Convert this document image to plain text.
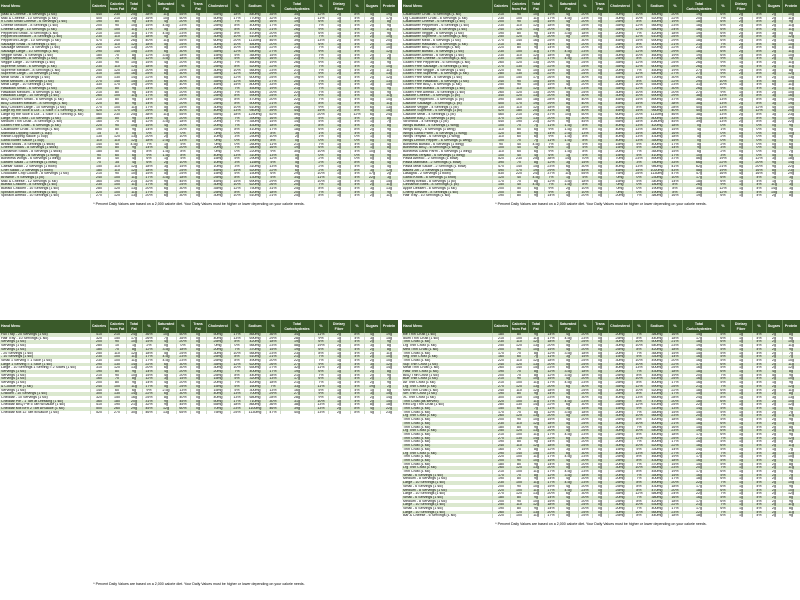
Hand Menu	Calories	Calories from Fat	Total Fat	%	Saturated Fat	%	Trans Fat	Cholesterol	%	Sodium	%	Total Carbohydrates	%	Dietary Fiber	%	Sugars	Protein
(Mac & Cheese - 8 Servings (1 slc)	440	230	25g	38%	11g	55%	0g	55mg	18%	840mg	35%	35g	12%	2g	8%	4g	19g
Mac & Cheese - 10 Servings (1 slc)	400	210	23g	35%	10g	50%	0g	50mg	17%	770mg	32%	32g	11%	1g	4%	3g	17g
n Crust Small Cheese - 6 Servings (1 slc)	190	80	9g	14%	4g	20%	0g	20mg	7%	380mg	16%	19g	6%	1g	4%	2g	8g
Cheese Medium - 8 Servings (1 slc)	200	90	10g	15%	4.5g	23%	0g	25mg	8%	400mg	17%	20g	7%	1g	4%	2g	9g
Cheese Large - 10 Servings (1 slc)	250	100	11g	17%	5g	25%	0g	25mg	8%	500mg	21%	26g	9%	1g	4%	3g	11g
Pepperoni Small - 6 Servings (1 slc)	210	100	11g	17%	4.5g	23%	0g	25mg	8%	470mg	20%	19g	6%	1g	4%	2g	9g
Pepperoni Medium - 8 Servings (1 slc)	230	110	12g	18%	5g	25%	0g	30mg	10%	510mg	21%	20g	7%	1g	4%	2g	10g
Pepperoni Large - 10 Servings (1 slc)	470	240	26g	40%	11g	55%	0g	60mg	20%	1110mg	46%	39g	13%	2g	8%	4g	20g
Sausage Small - 6 Servings (1 slc)	220	110	12g	18%	5g	25%	0g	30mg	10%	480mg	20%	19g	6%	1g	4%	2g	10g
Sausage Medium - 8 Servings (1 slc)	240	120	13g	20%	5g	25%	0g	30mg	10%	530mg	22%	21g	7%	1g	4%	2g	10g
Sausage Large - 10 Servings (1 slc)	290	140	15g	23%	6g	30%	0g	35mg	12%	640mg	27%	26g	9%	1g	4%	3g	12g
Veggie Small - 6 Servings (1 slc)	180	70	8g	12%	3.5g	18%	0g	15mg	5%	360mg	15%	20g	7%	1g	4%	2g	7g
Veggie Medium - 8 Servings (1 slc)	190	70	8g	12%	3.5g	18%	0g	15mg	5%	380mg	16%	21g	7%	1g	4%	2g	8g
Veggie Large - 10 Servings (1 slc)	230	90	10g	15%	4g	20%	0g	20mg	7%	460mg	19%	26g	9%	2g	8%	3g	9g
Supreme Small - 6 Servings (1 slc)	230	110	12g	18%	5g	25%	0g	25mg	8%	520mg	22%	20g	7%	1g	4%	2g	10g
Supreme Medium - 8 Servings (1 slc)	250	120	13g	20%	5g	25%	0g	30mg	10%	560mg	23%	21g	7%	1g	4%	2g	11g
Supreme Large - 10 Servings (1 slc)	310	150	16g	25%	6g	30%	0g	35mg	12%	690mg	29%	27g	9%	2g	8%	3g	13g
Meat Small - 6 Servings (1 slc)	250	130	14g	22%	6g	30%	0g	35mg	12%	600mg	25%	19g	6%	1g	4%	2g	12g
Meat Medium - 8 Servings (1 slc)	270	140	15g	23%	6g	30%	0g	35mg	12%	650mg	27%	20g	7%	1g	4%	2g	13g
Meat Large - 10 Servings (1 slc)	330	170	19g	29%	8g	40%	0g	45mg	15%	800mg	33%	26g	9%	1g	4%	3g	15g
Hawaiian Small - 6 Servings (1 slc)	200	80	9g	14%	4g	20%	0g	20mg	7%	450mg	19%	21g	7%	1g	4%	4g	9g
Hawaiian Medium - 8 Servings (1 slc)	210	80	9g	14%	4g	20%	0g	20mg	7%	480mg	20%	22g	7%	1g	4%	4g	9g
Hawaiian Large - 10 Servings (1 slc)	260	100	11g	17%	5g	25%	0g	25mg	8%	590mg	25%	27g	9%	1g	4%	5g	11g
BBQ Chicken Small - 6 Servings (1 slc)	210	80	9g	14%	4g	20%	0g	25mg	8%	470mg	20%	22g	7%	1g	4%	5g	10g
BBQ Chicken Medium - 8 Servings (1 slc)	220	80	9g	14%	4g	20%	0g	25mg	8%	500mg	21%	23g	8%	1g	4%	5g	11g
BBQ Chicken Large - 10 Servings (1 slc)	270	100	11g	17%	5g	25%	0g	30mg	10%	610mg	25%	28g	9%	1g	4%	6g	13g
Large by the Slice 8 Cut - 1 Slice = 1 Serving (1 slc)	420	170	19g	29%	8g	40%	0g	40mg	13%	940mg	39%	44g	15%	2g	8%	5g	18g
Large by the Slice 6 Cut - 1 Slice = 1 Serving (1 slc)	560	230	25g	38%	11g	55%	0g	55mg	18%	1250mg	52%	59g	20%	3g	12%	6g	24g
Large Thin Crust - 10 Servings (1 slc)	180	80	9g	14%	4g	20%	0g	20mg	7%	390mg	16%	16g	5%	1g	4%	2g	8g
Medium Thin Crust - 8 Servings (1 slc)	160	70	8g	12%	3.5g	18%	0g	20mg	7%	350mg	15%	14g	5%	1g	4%	1g	7g
Gluten Free Crust - 6 Servings (1 slc)	220	90	10g	15%	4g	20%	0g	20mg	7%	430mg	18%	25g	8%	1g	4%	2g	8g
Cauliflower Crust - 6 Servings (1 slc)	190	80	9g	14%	4g	20%	0g	25mg	8%	410mg	17%	18g	6%	2g	8%	2g	9g
Marinara Dipping Sauce (1 cup)	15	0	0g	0%	0g	0%	0g	0mg	0%	190mg	8%	3g	1%	1g	4%	2g	0g
Ranch Dipping Sauce (1 cup)	130	120	13g	20%	2g	10%	0g	10mg	3%	250mg	10%	2g	1%	0g	0%	1g	0g
Garlic Butter Sauce (1 cup)	110	110	12g	18%	2.5g	13%	0g	0mg	0%	190mg	8%	0g	0%	0g	0%	0g	0g
Bread Sticks - 8 Servings (1 stick)	140	40	4.5g	7%	1g	5%	0g	0mg	0%	260mg	11%	21g	7%	1g	4%	1g	4g
Cheese Sticks - 8 Servings (1 stick)	190	80	9g	14%	4g	20%	0g	20mg	7%	380mg	16%	19g	6%	1g	4%	1g	8g
Cinnamon Sticks - 8 Servings (1 stick)	180	50	5g	8%	1.5g	8%	0g	0mg	0%	220mg	9%	30g	10%	1g	4%	10g	4g
Chicken Wings - 6 Servings (1 wing)	90	60	6g	9%	1.5g	8%	0g	40mg	13%	310mg	13%	0g	0%	0g	0%	0g	9g
Boneless Wings - 6 Servings (1 wing)	80	40	4g	6%	1g	5%	0g	15mg	5%	290mg	12%	5g	2%	0g	0%	0g	6g
Garden Salad - 2 Servings (1 bowl)	70	35	4g	6%	2g	10%	0g	10mg	3%	115mg	5%	5g	2%	2g	8%	3g	4g
Caesar Salad - 2 Servings (1 bowl)	150	110	12g	18%	3g	15%	0g	10mg	3%	310mg	13%	6g	2%	1g	4%	1g	5g
Chef Salad - 2 Servings (1 bowl)	180	110	12g	18%	5g	25%	0g	45mg	15%	520mg	22%	6g	2%	2g	8%	3g	12g
Chocolate Chip Cookie - 8 Servings (1 slc)	210	90	10g	15%	5g	25%	0g	15mg	5%	150mg	6%	29g	10%	1g	4%	17g	2g
Brownie - 9 Servings (1 pc)	240	100	11g	17%	3.5g	18%	0g	25mg	8%	130mg	5%	34g	11%	1g	4%	22g	3g
Mac & Cheese - 12 Servings (1 slc)	360	190	21g	32%	9g	45%	0g	45mg	15%	690mg	29%	29g	10%	1g	4%	3g	15g
Buffalo Chicken - 8 Servings (1 slc)	230	100	11g	17%	5g	25%	0g	30mg	10%	620mg	26%	20g	7%	1g	4%	2g	11g
Buffalo Chicken - 10 Servings (1 slc)	280	120	13g	20%	6g	30%	0g	35mg	12%	750mg	31%	25g	8%	1g	4%	3g	13g
Spinach Alfredo - 8 Servings (1 slc)	220	100	11g	17%	5g	25%	0g	25mg	8%	420mg	18%	20g	7%	1g	4%	1g	9g
Spinach Alfredo - 10 Servings (1 slc)	270	120	13g	20%	6g	30%	0g	30mg	10%	510mg	21%	25g	8%	1g	4%	2g	11g
* Percent Daily Values are based on a 2,000 calorie diet. Your Daily Values must be higher or lower depending on your calorie needs.
Hand Menu	Calories	Calories from Fat	Total Fat	%	Saturated Fat	%	Trans Fat	Cholesterol	%	Sodium	%	Total Carbohydrates	%	Dietary Fiber	%	Sugars	Protein
Cauliflower Crust - 6 Servings (1 slc)	210	90	10g	15%	4g	20%	0g	30mg	10%	480mg	20%	19g	6%	2g	8%	2g	10g
Lrg Cauliflower Crust - 8 Servings (1 slc)	230	100	11g	17%	4.5g	23%	0g	30mg	10%	520mg	22%	20g	7%	2g	8%	2g	11g
Cauliflower Cheese - 6 Servings (1 slc)	200	90	10g	15%	4g	20%	0g	25mg	8%	450mg	19%	18g	6%	2g	8%	2g	9g
Cauliflower Pepperoni - 6 Servings (1 slc)	230	110	12g	18%	5g	25%	0g	35mg	12%	560mg	23%	18g	6%	2g	8%	2g	11g
Cauliflower Sausage - 6 Servings (1 slc)	240	120	13g	20%	5g	25%	0g	35mg	12%	580mg	24%	18g	6%	2g	8%	2g	11g
Cauliflower Veggie - 6 Servings (1 slc)	190	80	9g	14%	3.5g	18%	0g	20mg	7%	420mg	18%	19g	6%	2g	8%	3g	8g
Cauliflower Supreme - 6 Servings (1 slc)	250	120	13g	20%	5g	25%	0g	35mg	12%	610mg	25%	19g	6%	2g	8%	3g	12g
Cauliflower Meat - 6 Servings (1 slc)	270	140	16g	25%	6g	30%	0g	45mg	15%	690mg	29%	18g	6%	2g	8%	2g	13g
Cauliflower Hawaiian - 6 Servings (1 slc)	210	80	9g	14%	4g	20%	0g	25mg	8%	500mg	21%	21g	7%	2g	8%	5g	10g
Cauliflower BBQ - 6 Servings (1 slc)	220	80	9g	14%	4g	20%	0g	30mg	10%	520mg	22%	23g	8%	2g	8%	6g	11g
Cauliflower Buffalo - 6 Servings (1 slc)	230	100	11g	17%	4.5g	23%	0g	35mg	12%	690mg	29%	18g	6%	2g	8%	2g	11g
Cauliflower Alfredo - 6 Servings (1 slc)	230	110	12g	18%	5g	25%	0g	30mg	10%	460mg	19%	19g	6%	2g	8%	2g	10g
Gluten Free Cheese - 6 Servings (1 slc)	230	100	11g	17%	4.5g	23%	0g	25mg	8%	470mg	20%	26g	9%	1g	4%	2g	9g
Gluten Free Pepperoni - 6 Servings (1 slc)	260	120	13g	20%	5g	25%	0g	35mg	12%	590mg	25%	26g	9%	1g	4%	2g	11g
Gluten Free Sausage - 6 Servings (1 slc)	270	130	14g	22%	5g	25%	0g	35mg	12%	600mg	25%	26g	9%	1g	4%	2g	11g
Gluten Free Veggie - 6 Servings (1 slc)	220	90	10g	15%	4g	20%	0g	20mg	7%	450mg	19%	27g	9%	2g	8%	3g	8g
Gluten Free Supreme - 6 Servings (1 slc)	280	130	14g	22%	5g	25%	0g	35mg	12%	640mg	27%	27g	9%	2g	8%	3g	12g
Gluten Free Meat - 6 Servings (1 slc)	300	150	17g	26%	6g	30%	0g	45mg	15%	720mg	30%	26g	9%	1g	4%	2g	13g
Gluten Free Hawaiian - 6 Servings (1 slc)	240	90	10g	15%	4g	20%	0g	25mg	8%	530mg	22%	29g	10%	1g	4%	5g	10g
Gluten Free BBQ - 6 Servings (1 slc)	250	90	10g	15%	4g	20%	0g	30mg	10%	550mg	23%	31g	10%	1g	4%	6g	11g
Gluten Free Buffalo - 6 Servings (1 slc)	260	110	12g	18%	4.5g	23%	0g	35mg	12%	720mg	30%	26g	9%	1g	4%	2g	11g
Gluten Free Alfredo - 6 Servings (1 slc)	260	120	13g	20%	5g	25%	0g	30mg	10%	490mg	20%	27g	9%	1g	4%	2g	10g
Calzone Cheese - 4 Servings (1 pc)	340	120	13g	20%	6g	30%	0g	30mg	10%	690mg	29%	38g	13%	2g	8%	3g	16g
Calzone Pepperoni - 4 Servings (1 pc)	390	160	18g	28%	8g	40%	0g	45mg	15%	890mg	37%	38g	13%	2g	8%	3g	19g
Calzone Sausage - 4 Servings (1 pc)	400	170	19g	29%	8g	40%	0g	45mg	15%	910mg	38%	38g	13%	2g	8%	3g	19g
Calzone Veggie - 4 Servings (1 pc)	330	110	12g	18%	5g	25%	0g	25mg	8%	660mg	28%	40g	13%	3g	12%	4g	14g
Calzone Supreme - 4 Servings (1 pc)	420	180	20g	31%	8g	40%	0g	45mg	15%	950mg	40%	40g	13%	3g	12%	4g	20g
Calzone Meat - 4 Servings (1 pc)	460	210	24g	37%	10g	50%	0g	60mg	20%	1110mg	46%	38g	13%	2g	8%	3g	23g
Calzone BBQ - 4 Servings (1 pc)	370	120	13g	20%	6g	30%	0g	40mg	13%	800mg	33%	43g	14%	2g	8%	9g	19g
Stromboli - 4 Servings (1 pc)	440	190	21g	32%	9g	45%	0g	55mg	18%	1080mg	45%	39g	13%	2g	8%	3g	22g
Wings Buffalo - 6 Servings (1 wing)	100	70	7g	11%	1.5g	8%	0g	40mg	13%	420mg	18%	0g	0%	0g	0%	0g	9g
Wings BBQ - 6 Servings (1 wing)	110	60	6g	9%	1.5g	8%	0g	40mg	13%	360mg	15%	4g	1%	0g	0%	4g	9g
Wings Garlic Parm - 6 Servings (1 wing)	120	80	9g	14%	2.5g	13%	0g	45mg	15%	380mg	16%	1g	0%	0g	0%	0g	10g
Wings Teriyaki - 6 Servings (1 wing)	110	60	6g	9%	1.5g	8%	0g	40mg	13%	430mg	18%	5g	2%	0g	0%	5g	9g
Wings Lemon Pepper - 6 Servings (1 wing)	100	70	7g	11%	1.5g	8%	0g	40mg	13%	350mg	15%	0g	0%	0g	0%	0g	9g
Boneless Buffalo - 6 Servings (1 wing)	90	40	4.5g	7%	1g	5%	0g	15mg	5%	400mg	17%	5g	2%	0g	0%	0g	6g
Boneless BBQ - 6 Servings (1 wing)	100	40	4g	6%	1g	5%	0g	15mg	5%	340mg	14%	9g	3%	0g	0%	4g	6g
Boneless Garlic Parm - 6 Servings (1 wing)	110	60	6g	9%	1.5g	8%	0g	20mg	7%	360mg	15%	6g	2%	0g	0%	0g	7g
Boneless Teriyaki - 6 Servings (1 wing)	100	40	4g	6%	1g	5%	0g	15mg	5%	410mg	17%	10g	3%	0g	0%	5g	6g
Pasta Alfredo - 2 Servings (1 bowl)	520	230	25g	38%	14g	70%	0g	70mg	23%	890mg	37%	56g	19%	3g	12%	3g	18g
Pasta Marinara - 2 Servings (1 bowl)	390	70	8g	12%	3g	15%	0g	10mg	3%	780mg	33%	66g	22%	5g	20%	9g	14g
Pasta Meat Sauce - 2 Servings (1 bowl)	470	140	15g	23%	6g	30%	0g	40mg	13%	980mg	41%	62g	21%	5g	20%	9g	22g
Baked Ziti - 2 Servings (1 bowl)	490	170	19g	29%	9g	45%	0g	45mg	15%	1020mg	43%	58g	19%	4g	16%	8g	23g
Lasagna - 2 Servings (1 bowl)	530	220	24g	37%	11g	55%	0g	75mg	25%	1130mg	47%	47g	16%	4g	16%	9g	29g
Garlic Knots - 8 Servings (1 knot)	120	40	4.5g	7%	1g	5%	0g	0mg	0%	230mg	10%	17g	6%	1g	4%	1g	3g
Cheesy Bread - 8 Servings (1 pc)	170	70	8g	12%	3.5g	18%	0g	15mg	5%	340mg	14%	18g	6%	1g	4%	1g	7g
Cinnamon Bites - 8 Servings (1 pc)	150	40	4.5g	7%	1.5g	8%	0g	0mg	0%	180mg	8%	26g	9%	1g	4%	11g	3g
Apple Dessert - 8 Servings (1 slc)	200	50	6g	9%	2g	10%	0g	0mg	0%	190mg	8%	35g	12%	1g	4%	14g	3g
Cherry Dessert - 8 Servings (1 slc)	200	50	6g	9%	2g	10%	0g	0mg	0%	190mg	8%	35g	12%	1g	4%	15g	3g
Half Tray - 10 Servings (1 slc)	190	80	9g	14%	4g	20%	0g	20mg	7%	380mg	16%	19g	6%	1g	4%	2g	8g
* Percent Daily Values are based on a 2,000 calorie diet. Your Daily Values must be higher or lower depending on your calorie needs.
Hand Menu	Calories	Calories from Fat	Total Fat	%	Saturated Fat	%	Trans Fat	Cholesterol	%	Sodium	%	Total Carbohydrates	%	Dietary Fiber	%	Sugars	Protein
Full Tray - 20 Servings (1 slc)	410	210	24g	36%	10g	50%	0g	50mg	17%	860mg	36%	34g	11%	2g	8%	4g	19g
Half Tray - 10 Servings (1 slc)	320	150	17g	26%	7g	35%	0g	40mg	13%	690mg	29%	28g	9%	1g	4%	3g	15g
Servings (1 slc)	200	90	10g	15%	4g	20%	0g	25mg	8%	420mg	18%	19g	6%	1g	4%	2g	9g
Servings (1 slc)	280	10	1g	2%	0g	0%	0g	0mg	0%	560mg	23%	58g	19%	2g	8%	3g	8g
Servings (1 slc)	180	70	8g	12%	3.5g	18%	0g	20mg	7%	370mg	15%	19g	6%	1g	4%	2g	8g
- 20 Servings (1 slc)	250	110	12g	18%	5g	25%	0g	30mg	10%	560mg	23%	23g	8%	1g	4%	2g	11g
- 10 Servings (1 slc)	230	100	11g	17%	4.5g	23%	0g	25mg	8%	510mg	21%	21g	7%	1g	4%	2g	10g
Small 1 Serving = 1 Slice (1 slc)	230	100	11g	17%	4.5g	23%	0g	25mg	8%	490mg	20%	22g	7%	1g	4%	2g	10g
Large 1 Serving = 1 Slice (1 slc)	290	130	14g	22%	6g	30%	0g	35mg	12%	620mg	26%	27g	9%	1g	4%	3g	12g
Large - 10 Servings 1 Serving = 2 Slices (1 slc)	310	120	13g	20%	6g	30%	0g	30mg	10%	650mg	27%	32g	11%	2g	8%	3g	14g
Servings (1 slc)	190	80	9g	14%	4g	20%	0g	20mg	7%	400mg	17%	19g	6%	1g	4%	2g	8g
Servings (1 slc)	210	90	10g	15%	4g	20%	0g	25mg	8%	440mg	18%	21g	7%	1g	4%	2g	9g
Servings (1 slc)	160	70	8g	12%	3g	15%	0g	15mg	5%	320mg	13%	17g	6%	1g	4%	2g	7g
Servings (1 slc)	200	80	9g	14%	4g	20%	0g	20mg	7%	420mg	18%	21g	7%	1g	4%	2g	9g
& Cookie Pie (1 slc)	240	100	11g	17%	5g	25%	0g	15mg	5%	160mg	7%	33g	11%	1g	4%	19g	2g
Servings (1 slc)	140	60	6g	9%	2.5g	13%	0g	15mg	5%	300mg	13%	16g	5%	1g	4%	1g	6g
Chicken - 10 Servings (1 slc)	300	130	14g	22%	6g	30%	0g	40mg	13%	700mg	29%	27g	9%	1g	4%	3g	15g
Cheddar - 10 Servings (1 slc)	320	150	16g	25%	8g	40%	0g	40mg	13%	680mg	28%	28g	9%	1g	4%	2g	14g
Cheddar Pie - 1 Tart at Dressing (1 slc)	360	180	20g	31%	9g	45%	0g	50mg	17%	710mg	30%	31g	10%	1g	4%	2g	15g
Cheddar BBQ Pie 5 Tart w/Sauce (1 slc)	410	190	21g	32%	9g	45%	0g	55mg	18%	860mg	36%	38g	13%	1g	4%	8g	18g
Cheddar Mix BFn 2 Tart w/Sauce (1 slc)	500	260	29g	45%	12g	60%	0g	70mg	23%	1100mg	46%	39g	13%	2g	8%	4g	22g
Cheddar Mix 12 Tart w/Sauce (1 slc)	520	270	30g	46%	13g	65%	0g	75mg	25%	1130mg	47%	40g	13%	2g	8%	4g	23g
* Percent Daily Values are based on a 2,000 calorie diet. Your Daily Values must be higher or lower depending on your calorie needs.
Hand Menu	Calories	Calories from Fat	Total Fat	%	Saturated Fat	%	Trans Fat	Cholesterol	%	Sodium	%	Total Carbohydrates	%	Dietary Fiber	%	Sugars	Protein
ble Thin Crust (1 slc)	180	80	9g	14%	4g	20%	0g	20mg	7%	380mg	16%	15g	5%	1g	4%	2g	8g
dium Thin Crust (1 slc)	210	100	11g	17%	4.5g	23%	0g	25mg	8%	440mg	18%	17g	6%	1g	4%	2g	9g
Thin Crust (1 slc)	230	110	12g	18%	5g	25%	0g	30mg	10%	500mg	21%	18g	6%	1g	4%	2g	10g
Lrg Thin Crust (1 slc)	250	120	13g	20%	5g	25%	0g	30mg	10%	540mg	23%	19g	6%	1g	4%	2g	11g
Med Thin Crust (1 slc)	200	90	10g	15%	4g	20%	0g	25mg	8%	420mg	18%	16g	5%	1g	4%	2g	9g
Thin Crust (1 slc)	170	70	8g	12%	3.5g	18%	0g	20mg	7%	360mg	15%	15g	5%	1g	4%	2g	7g
Veg Thin Crust (1 slc)	160	60	7g	11%	3g	15%	0g	15mg	5%	330mg	14%	16g	5%	1g	4%	2g	7g
Thin Crust (1 slc)	220	110	12g	18%	5g	25%	0g	30mg	10%	490mg	20%	16g	5%	1g	4%	2g	10g
Sup Thin Crust (1 slc)	240	120	13g	20%	5g	25%	0g	30mg	10%	530mg	22%	17g	6%	1g	4%	2g	11g
Meat Thin Crust (1 slc)	260	140	15g	23%	6g	30%	0g	40mg	13%	600mg	25%	16g	5%	1g	4%	2g	12g
Haw Thin Crust (1 slc)	190	70	8g	12%	3.5g	18%	0g	20mg	7%	430mg	18%	18g	6%	1g	4%	4g	8g
BBQ Thin Crust (1 slc)	200	70	8g	12%	3.5g	18%	0g	25mg	8%	450mg	19%	20g	7%	1g	4%	5g	9g
Buff Thin Crust (1 slc)	210	90	10g	15%	4g	20%	0g	30mg	10%	610mg	25%	16g	5%	1g	4%	2g	10g
Alf Thin Crust (1 slc)	210	100	11g	17%	4.5g	23%	0g	25mg	8%	400mg	17%	16g	5%	1g	4%	1g	9g
Lrg Thin Crust (1 slc)	270	120	13g	20%	6g	30%	0g	35mg	12%	590mg	25%	21g	7%	1g	4%	2g	12g
Med Thin Crust (1 slc)	240	110	12g	18%	5g	25%	0g	30mg	10%	520mg	22%	18g	6%	1g	4%	2g	11g
Sm Thin Crust (1 slc)	190	80	9g	14%	4g	20%	0g	25mg	8%	410mg	17%	15g	5%	1g	4%	2g	8g
XL Thin Crust (1 slc)	300	140	15g	23%	6g	30%	0g	40mg	13%	660mg	28%	24g	8%	1g	4%	3g	13g
Thin Crust (as served)	220	100	11g	17%	4.5g	23%	0g	25mg	8%	470mg	20%	18g	6%	1g	4%	2g	10g
Red Lrg Thin Crust (1 slc)	280	130	14g	22%	6g	30%	0g	35mg	12%	610mg	25%	22g	7%	1g	4%	2g	12g
Thin Crust (1 slc)	150	60	7g	11%	3g	15%	0g	15mg	5%	310mg	13%	14g	5%	1g	4%	1g	6g
Thin Crust (1 slc)	170	70	8g	12%	3.5g	18%	0g	20mg	7%	350mg	15%	15g	5%	1g	4%	2g	7g
Lrg Thin Crust (1 slc)	260	120	13g	20%	5g	25%	0g	30mg	10%	560mg	23%	20g	7%	1g	4%	2g	11g
Thin Crust (1 slc)	200	90	10g	15%	4g	20%	0g	25mg	8%	420mg	18%	16g	5%	1g	4%	2g	9g
Thin Crust (1 slc)	230	110	12g	18%	5g	25%	0g	30mg	10%	500mg	21%	18g	6%	1g	4%	2g	10g
Thin Crust (1 slc)	180	80	9g	14%	4g	20%	0g	20mg	7%	380mg	16%	15g	5%	1g	4%	2g	8g
Lrg Thin Crust (1 slc)	250	120	13g	20%	5g	25%	0g	30mg	10%	540mg	23%	19g	6%	1g	4%	2g	11g
Thin Crust (1 slc)	210	100	11g	17%	4.5g	23%	0g	25mg	8%	440mg	18%	17g	6%	1g	4%	2g	9g
Thin Crust (1 slc)	270	130	14g	22%	6g	30%	0g	35mg	12%	590mg	25%	21g	7%	1g	4%	2g	12g
Thin Crust (1 slc)	190	80	9g	14%	4g	20%	0g	20mg	7%	400mg	17%	16g	5%	1g	4%	2g	8g
Thin Crust (1 slc)	240	110	12g	18%	5g	25%	0g	30mg	10%	520mg	22%	18g	6%	1g	4%	2g	11g
Thin Crust (1 slc)	160	70	8g	12%	3g	15%	0g	15mg	5%	330mg	14%	14g	5%	1g	4%	1g	7g
Lrg Thin Crust (1 slc)	290	140	15g	23%	6g	30%	0g	40mg	13%	640mg	27%	22g	7%	1g	4%	3g	13g
Thin Crust (1 slc)	220	100	11g	17%	4.5g	23%	0g	25mg	8%	460mg	19%	17g	6%	1g	4%	2g	10g
Thin Crust (1 slc)	200	90	10g	15%	4g	20%	0g	25mg	8%	430mg	18%	16g	5%	1g	4%	2g	9g
Thin Crust (1 slc)	180	80	9g	14%	4g	20%	0g	20mg	7%	370mg	15%	15g	5%	1g	4%	2g	8g
Lrg Thin Crust (1 slc)	260	120	13g	20%	5g	25%	0g	30mg	10%	560mg	23%	20g	7%	1g	4%	2g	11g
Thin Crust (1 slc)	210	100	11g	17%	4.5g	23%	0g	25mg	8%	450mg	19%	17g	6%	1g	4%	2g	9g
Small - 6 Servings (1 slc)	170	70	8g	12%	3.5g	18%	0g	20mg	7%	350mg	15%	16g	5%	1g	4%	2g	7g
Medium - 8 Servings (1 slc)	190	80	9g	14%	4g	20%	0g	20mg	7%	400mg	17%	18g	6%	1g	4%	2g	8g
Large - 10 Servings (1 slc)	230	100	11g	17%	4.5g	23%	0g	25mg	8%	490mg	20%	22g	7%	1g	4%	2g	10g
Small - 6 Servings (1 slc)	200	90	10g	15%	4g	20%	0g	25mg	8%	430mg	18%	17g	6%	1g	4%	2g	9g
Medium - 8 Servings (1 slc)	220	100	11g	17%	4.5g	23%	0g	25mg	8%	470mg	20%	18g	6%	1g	4%	2g	10g
Large - 10 Servings (1 slc)	270	120	13g	20%	6g	30%	0g	35mg	12%	580mg	24%	22g	7%	1g	4%	2g	12g
Small - 6 Servings (1 slc)	180	80	9g	14%	4g	20%	0g	20mg	7%	380mg	16%	16g	5%	1g	4%	2g	8g
Medium - 8 Servings (1 slc)	200	90	10g	15%	4g	20%	0g	25mg	8%	420mg	18%	17g	6%	1g	4%	2g	9g
Large - 10 Servings (1 slc)	250	110	12g	18%	5g	25%	0g	30mg	10%	530mg	22%	21g	7%	1g	4%	2g	11g
Small - 6 Servings (1 slc)	190	80	9g	14%	4g	20%	0g	20mg	7%	400mg	17%	17g	6%	1g	4%	2g	8g
Large - 10 Servings (1 slc)	260	120	13g	20%	5g	25%	0g	30mg	10%	560mg	23%	22g	7%	1g	4%	2g	11g
Bar & Cheese - 6 Servings (1 slc)	220	100	11g	17%	5g	25%	0g	25mg	8%	440mg	18%	18g	6%	1g	4%	2g	9g
* Percent Daily Values are based on a 2,000 calorie diet. Your Daily Values must be higher or lower depending on your calorie needs.
